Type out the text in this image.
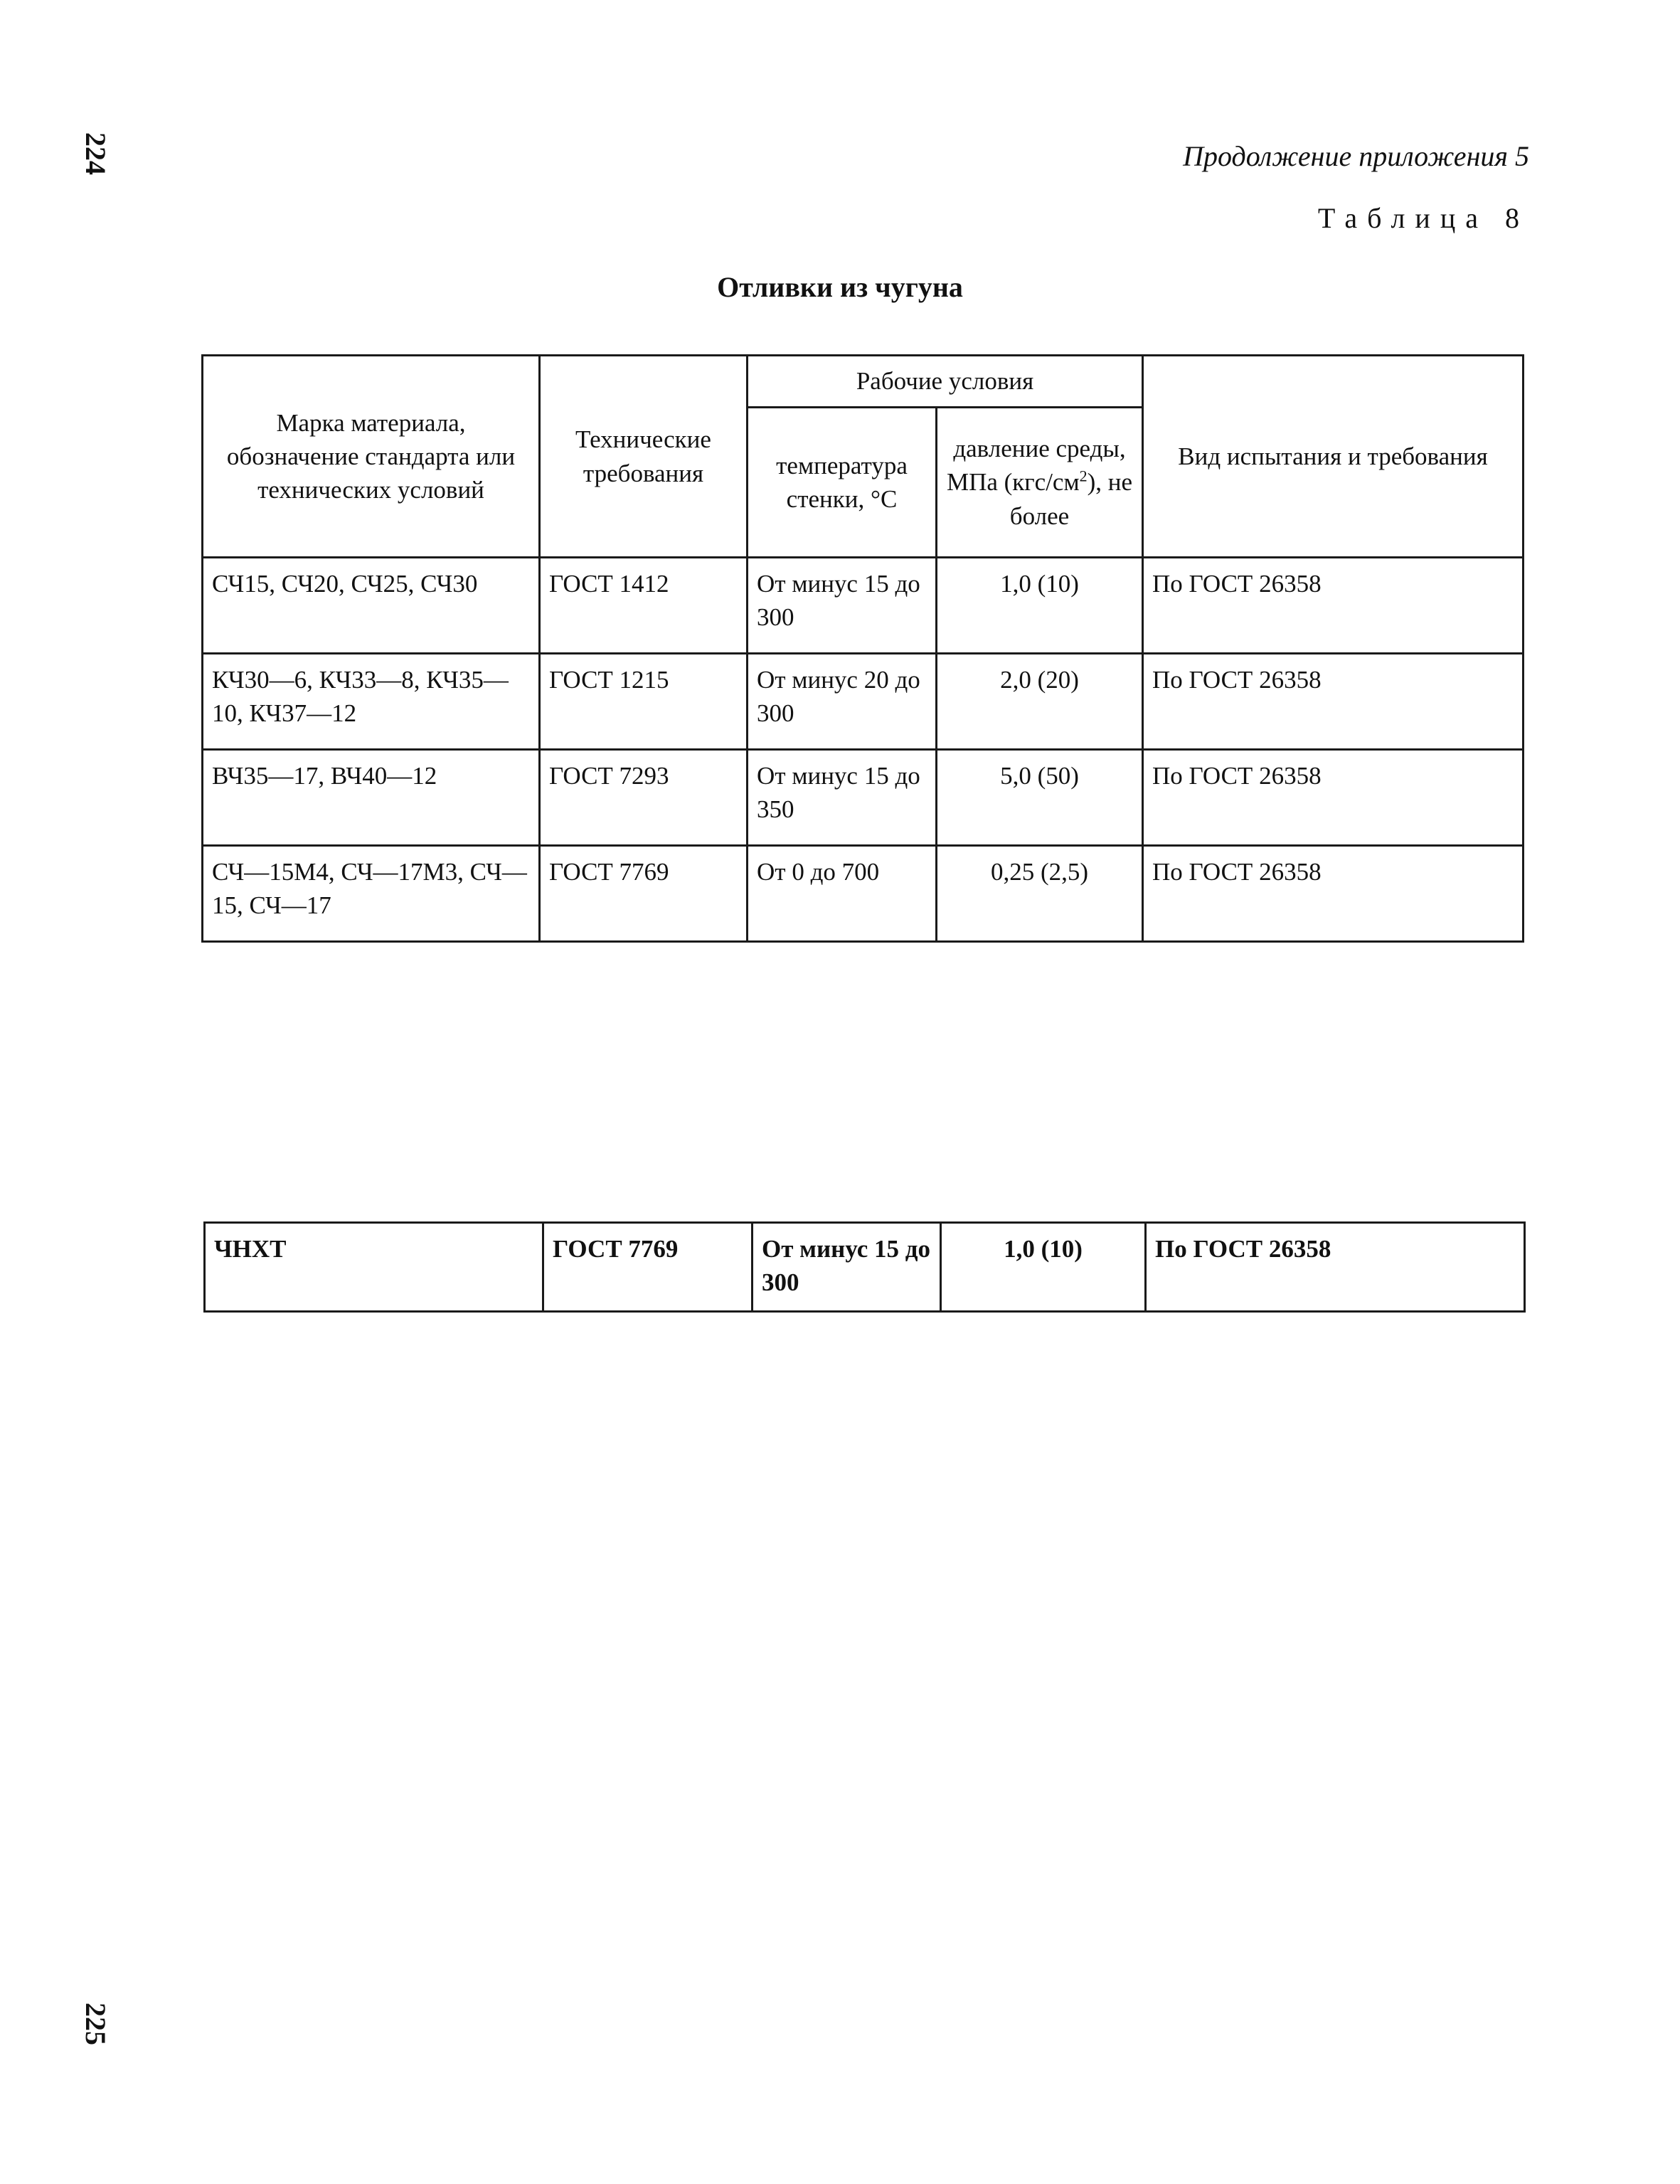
224
225
Продолжение приложения 5
Таблица 8
Отливки из чугуна
Марка материала, обозначение стандарта или технических условий	Технические требования	Рабочие условия		Вид испытания и требования
		температура стенки, °С	давление среды, МПа $(кгс/см^2)$, не более	
СЧ15, СЧ20, СЧ25, СЧ30	ГОСТ 1412	От минус 15 до 300	1,0 (10)	По ГОСТ 26358
КЧ30—6, КЧ33—8, КЧ35—10, КЧ37—12	ГОСТ 1215	От минус 20 до 300	2,0 (20)	По ГОСТ 26358
ВЧ35—17, ВЧ40—12	ГОСТ 7293	От минус 15 до 350	5,0 (50)	По ГОСТ 26358
СЧ—15М4, СЧ—17М3, СЧ—15, СЧ—17	ГОСТ 7769	От 0 до 700	0,25 (2,5)	По ГОСТ 26358
ЧНХТ	ГОСТ 7769	От минус 15 до 300	1,0 (10)	По ГОСТ 26358
